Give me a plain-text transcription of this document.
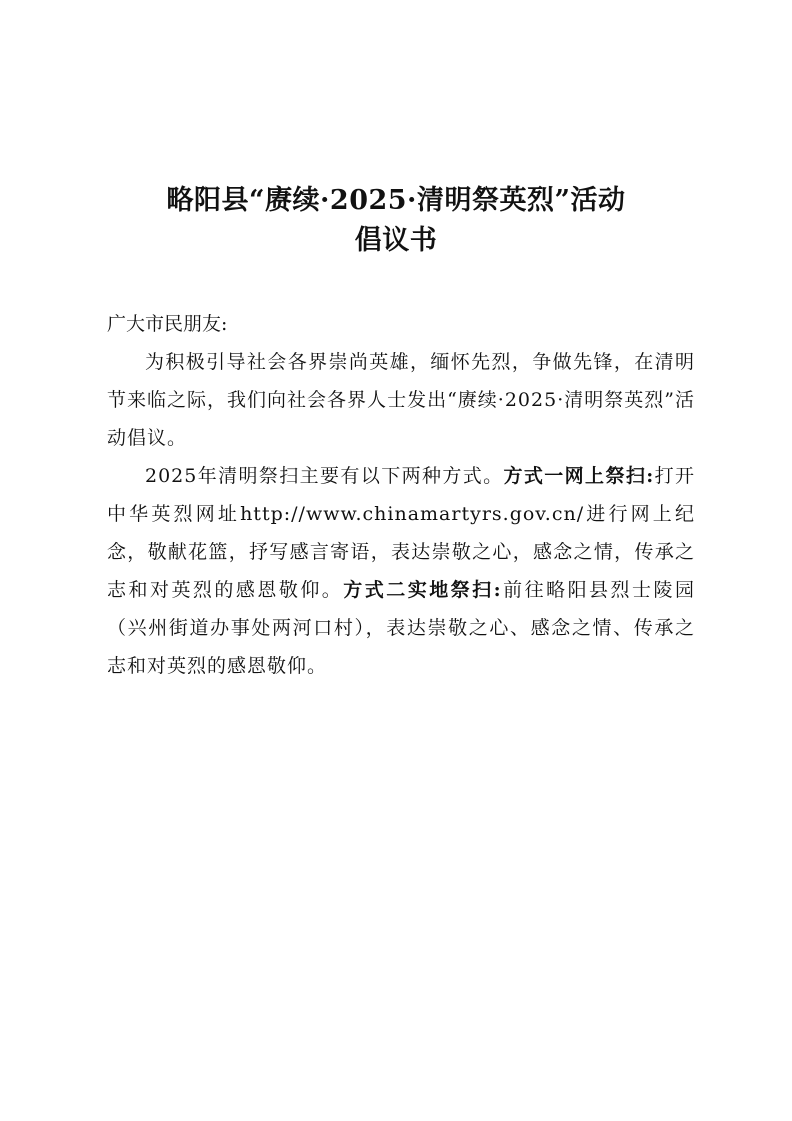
略阳县“赓续·2025·清明祭英烈”活动
倡议书
广大市民朋友:
为积极引导社会各界崇尚英雄，缅怀先烈，争做先锋，在清明节来临之际，我们向社会各界人士发出“赓续·2025·清明祭英烈”活动倡议。
2025年清明祭扫主要有以下两种方式。方式一网上祭扫:打开中华英烈网址http://www.chinamartyrs.gov.cn/进行网上纪念，敬献花篮，抒写感言寄语，表达崇敬之心，感念之情，传承之志和对英烈的感恩敬仰。方式二实地祭扫:前往略阳县烈士陵园（兴州街道办事处两河口村），表达崇敬之心、感念之情、传承之志和对英烈的感恩敬仰。
